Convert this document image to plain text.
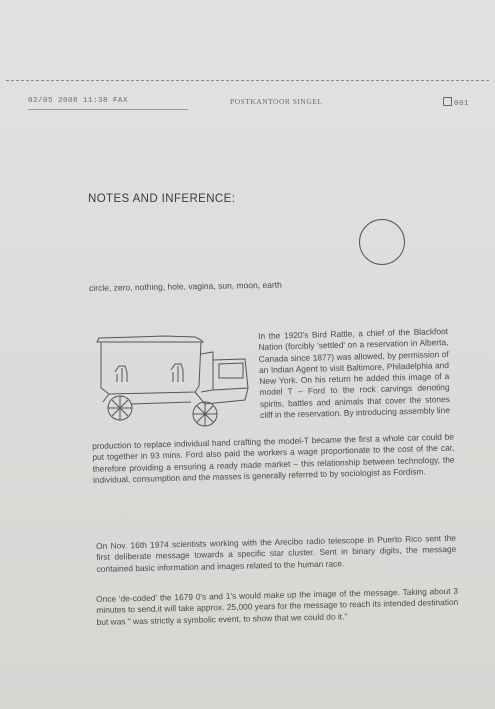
02/05 2008 11:38 FAX	POSTKANTOOR SINGEL	001
NOTES AND INFERENCE:
circle, zero, nothing, hole, vagina, sun, moon, earth
In the 1920's Bird Rattle, a chief of the Blackfoot Nation (forcibly 'settled' on a reservation in Alberta, Canada since 1877) was allowed, by permission of an Indian Agent to visit Baltimore, Philadelphia and New York. On his return he added this image of a model T – Ford to the rock carvings denoting spirits, battles and animals that cover the stones cliff in the reservation. By introducing assembly line
production to replace individual hand crafting the model-T became the first a whole car could be put together in 93 mins. Ford also paid the workers a wage proportionate to the cost of the car, therefore providing a ensuring a ready made market – this relationship between technology, the individual, consumption and the masses is generally referred to by sociologist as Fordism.
On Nov. 16th 1974 scientists working with the Arecibo radio telescope in Puerto Rico sent the first deliberate message towards a specific star cluster. Sent in binary digits, the message contained basic information and images related to the human race.
Once 'de-coded' the 1679 0's and 1's would make up the image of the message. Taking about 3 minutes to send,it will take approx. 25,000 years for the message to reach its intended destination but was " was strictly a symbolic event, to show that we could do it."
